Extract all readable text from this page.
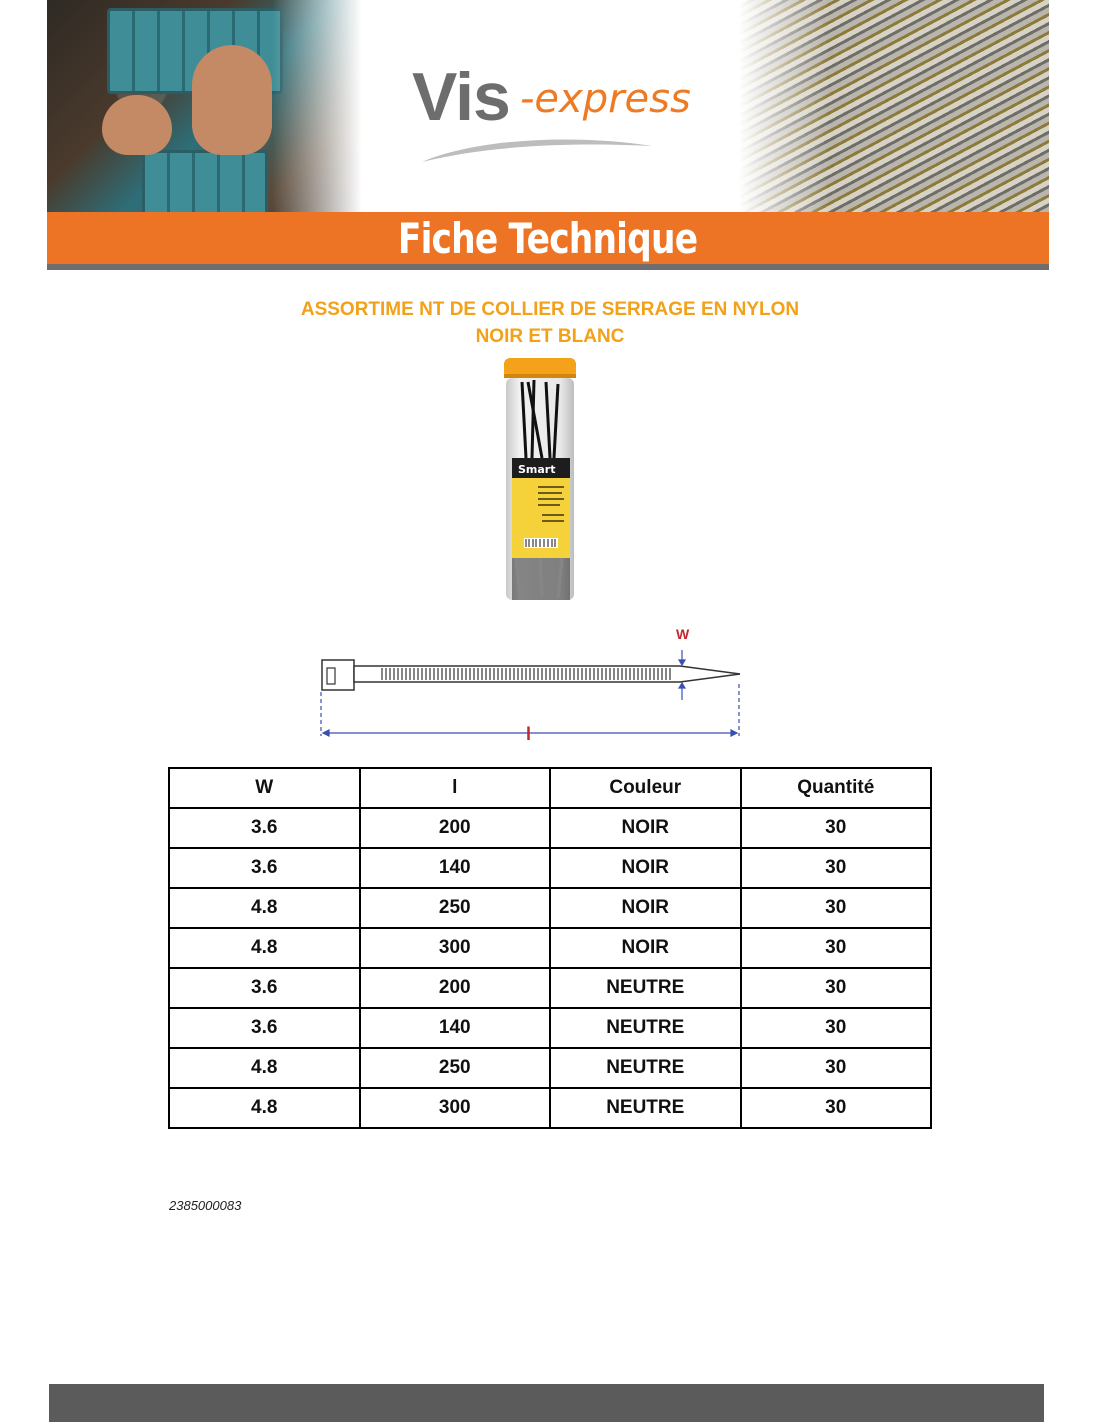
Vis -express
Fiche Technique
ASSORTIME NT DE COLLIER DE SERRAGE EN NYLON
NOIR ET BLANC
Smart
W
l
W	l	Couleur	Quantité
3.6	200	NOIR	30
3.6	140	NOIR	30
4.8	250	NOIR	30
4.8	300	NOIR	30
3.6	200	NEUTRE	30
3.6	140	NEUTRE	30
4.8	250	NEUTRE	30
4.8	300	NEUTRE	30
2385000083
